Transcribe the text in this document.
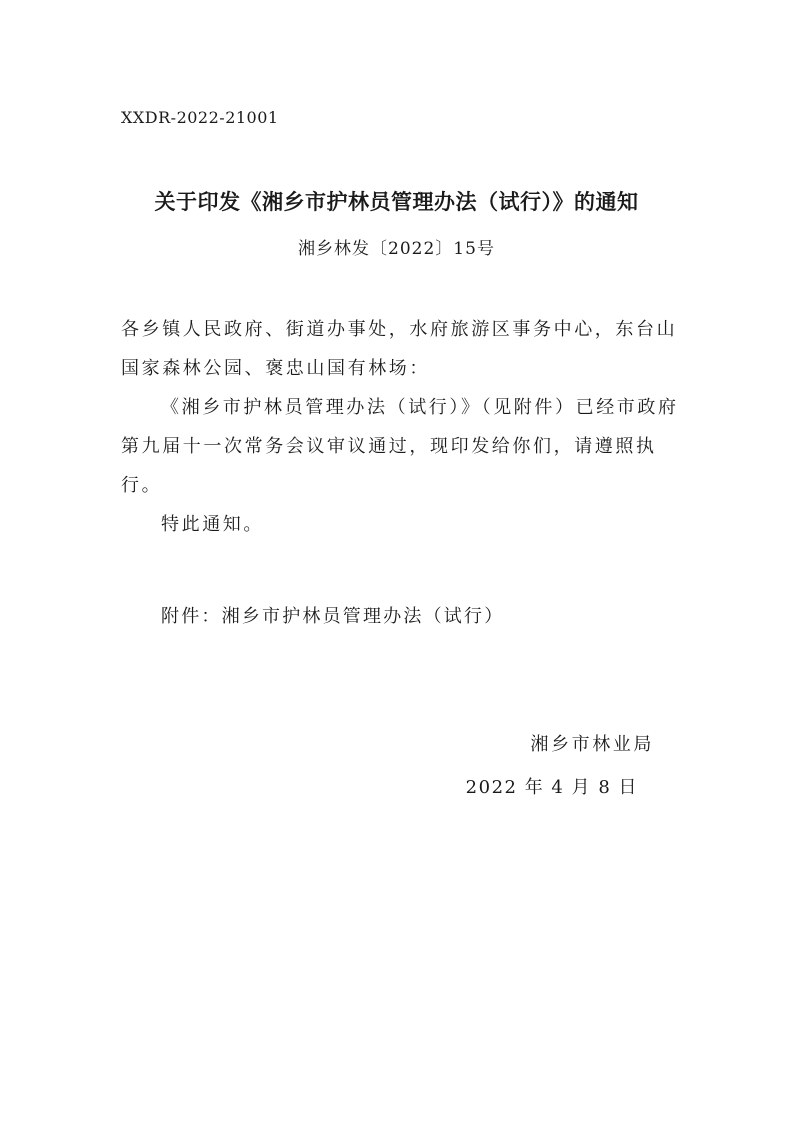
XXDR-2022-21001
关于印发《湘乡市护林员管理办法（试行）》的通知
湘乡林发〔2022〕15号

各乡镇人民政府、街道办事处，水府旅游区事务中心，东台山国家森林公园、褒忠山国有林场：

《湘乡市护林员管理办法（试行）》（见附件）已经市政府第九届十一次常务会议审议通过，现印发给你们，请遵照执行。

特此通知。

附件：湘乡市护林员管理办法（试行）
湘乡市林业局
2022 年 4 月 8 日
